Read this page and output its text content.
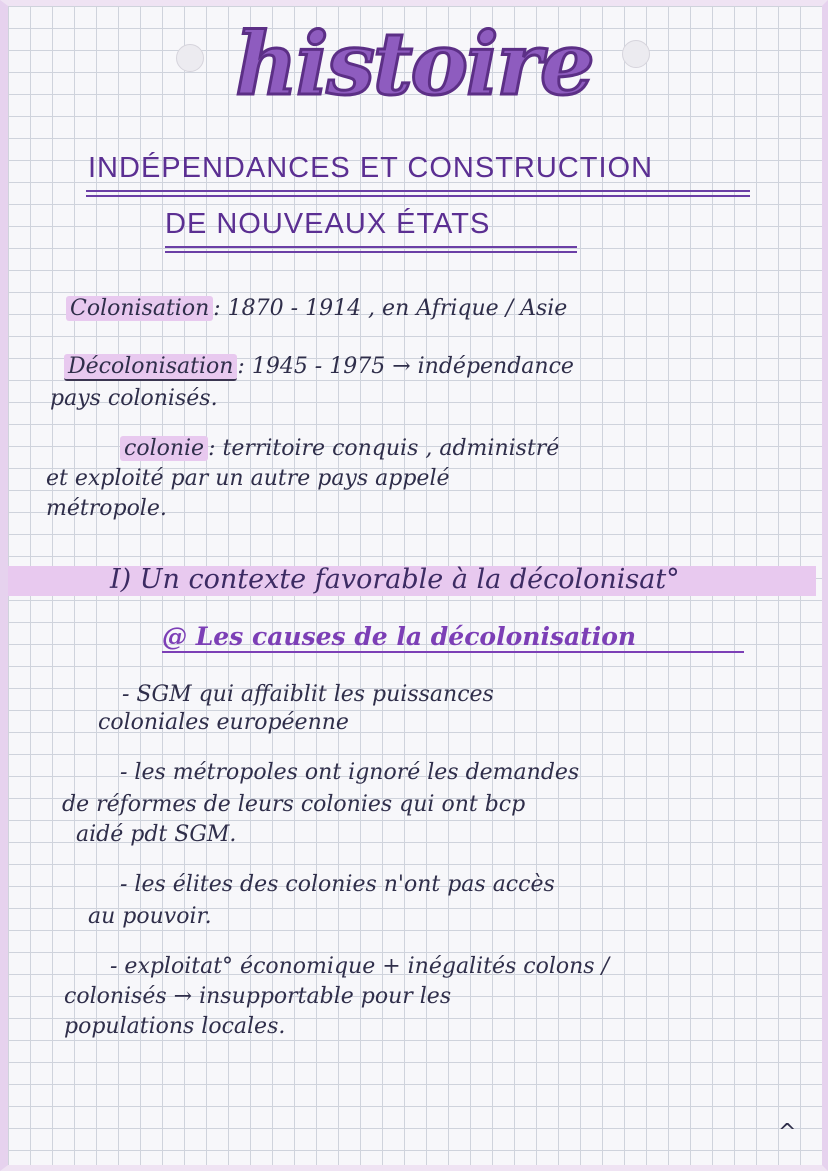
histoire
INDÉPENDANCES ET CONSTRUCTION
DE NOUVEAUX ÉTATS
Colonisation : 1870 - 1914 , en Afrique / Asie
Décolonisation : 1945 - 1975 → indépendance
pays colonisés.
colonie : territoire conquis , administré
et exploité par un autre pays appelé
métropole.
I) Un contexte favorable à la décolonisat°
@ Les causes de la décolonisation
- SGM qui affaiblit les puissances
coloniales européenne
- les métropoles ont ignoré les demandes
de réformes de leurs colonies qui ont bcp
aidé pdt SGM.
- les élites des colonies n'ont pas accès
au pouvoir.
- exploitat° économique + inégalités colons /
colonisés → insupportable pour les
populations locales.
^
